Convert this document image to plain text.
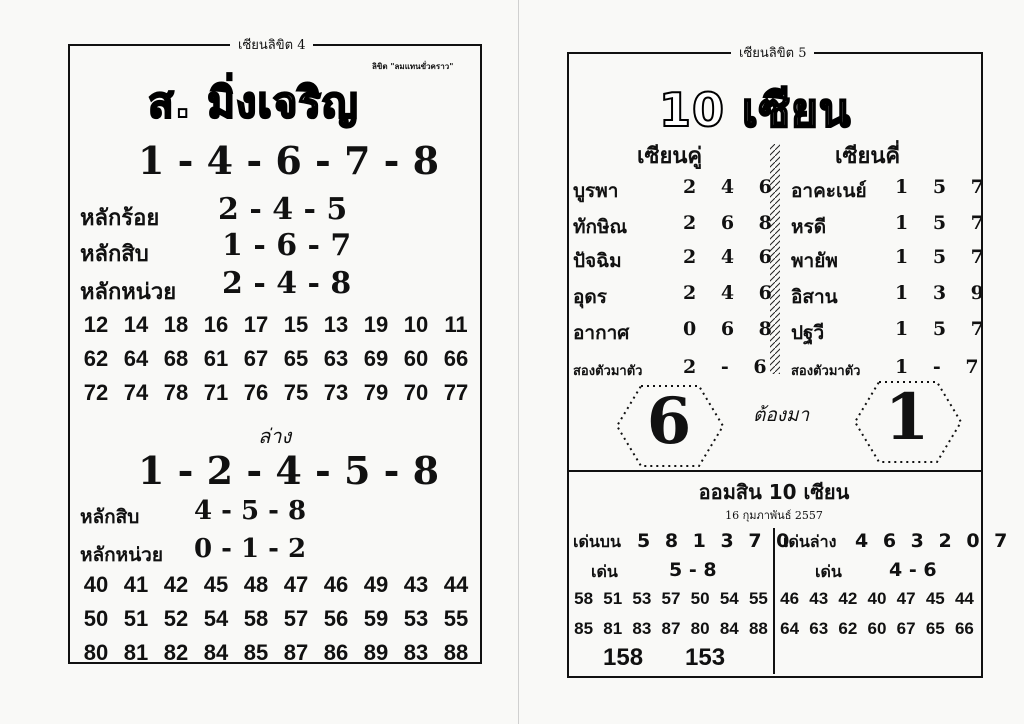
เซียนลิขิต 4
ลิขิต "ลมแทนขั่วคราว"
ส. มิ่งเจริญ
1 - 4 - 6 - 7 - 8
หลักร้อย 2 - 4 - 5
หลักสิบ 1 - 6 - 7
หลักหน่วย 2 - 4 - 8
12 14 18 16 17 15 13 19 10 11
62 64 68 61 67 65 63 69 60 66
72 74 78 71 76 75 73 79 70 77
ล่าง
1 - 2 - 4 - 5 - 8
หลักสิบ 4 - 5 - 8
หลักหน่วย 0 - 1 - 2
40 41 42 45 48 47 46 49 43 44
50 51 52 54 58 57 56 59 53 55
80 81 82 84 85 87 86 89 83 88
เซียนลิขิต 5
10 เซียน
เซียนคู่	เซียนคี่
บูรพา	2 4 6
ทักษิณ	2 6 8
ปัจฉิม	2 4 6
อุดร	2 4 6
อากาศ	0 6 8
สองตัวมาตัว 2 - 6
อาคะเนย์ 1 5 7
หรดี	1 5 7
พายัพ	1 5 7
อิสาน	1 3 9
ปฐวี	1 5 7
สองตัวมาตัว 1 - 7
6	ต้องมา	1
ออมสิน 10 เซียน
16 กุมภาพันธ์ 2557
เด่นบน 5 8 1 3 7 0
เด่น	5 - 8
58 51 53 57 50 54 55
85 81 83 87 80 84 88
158 153
เด่นล่าง 4 6 3 2 0 7
เด่น 4 - 6
46 43 42 40 47 45 44
64 63 62 60 67 65 66
